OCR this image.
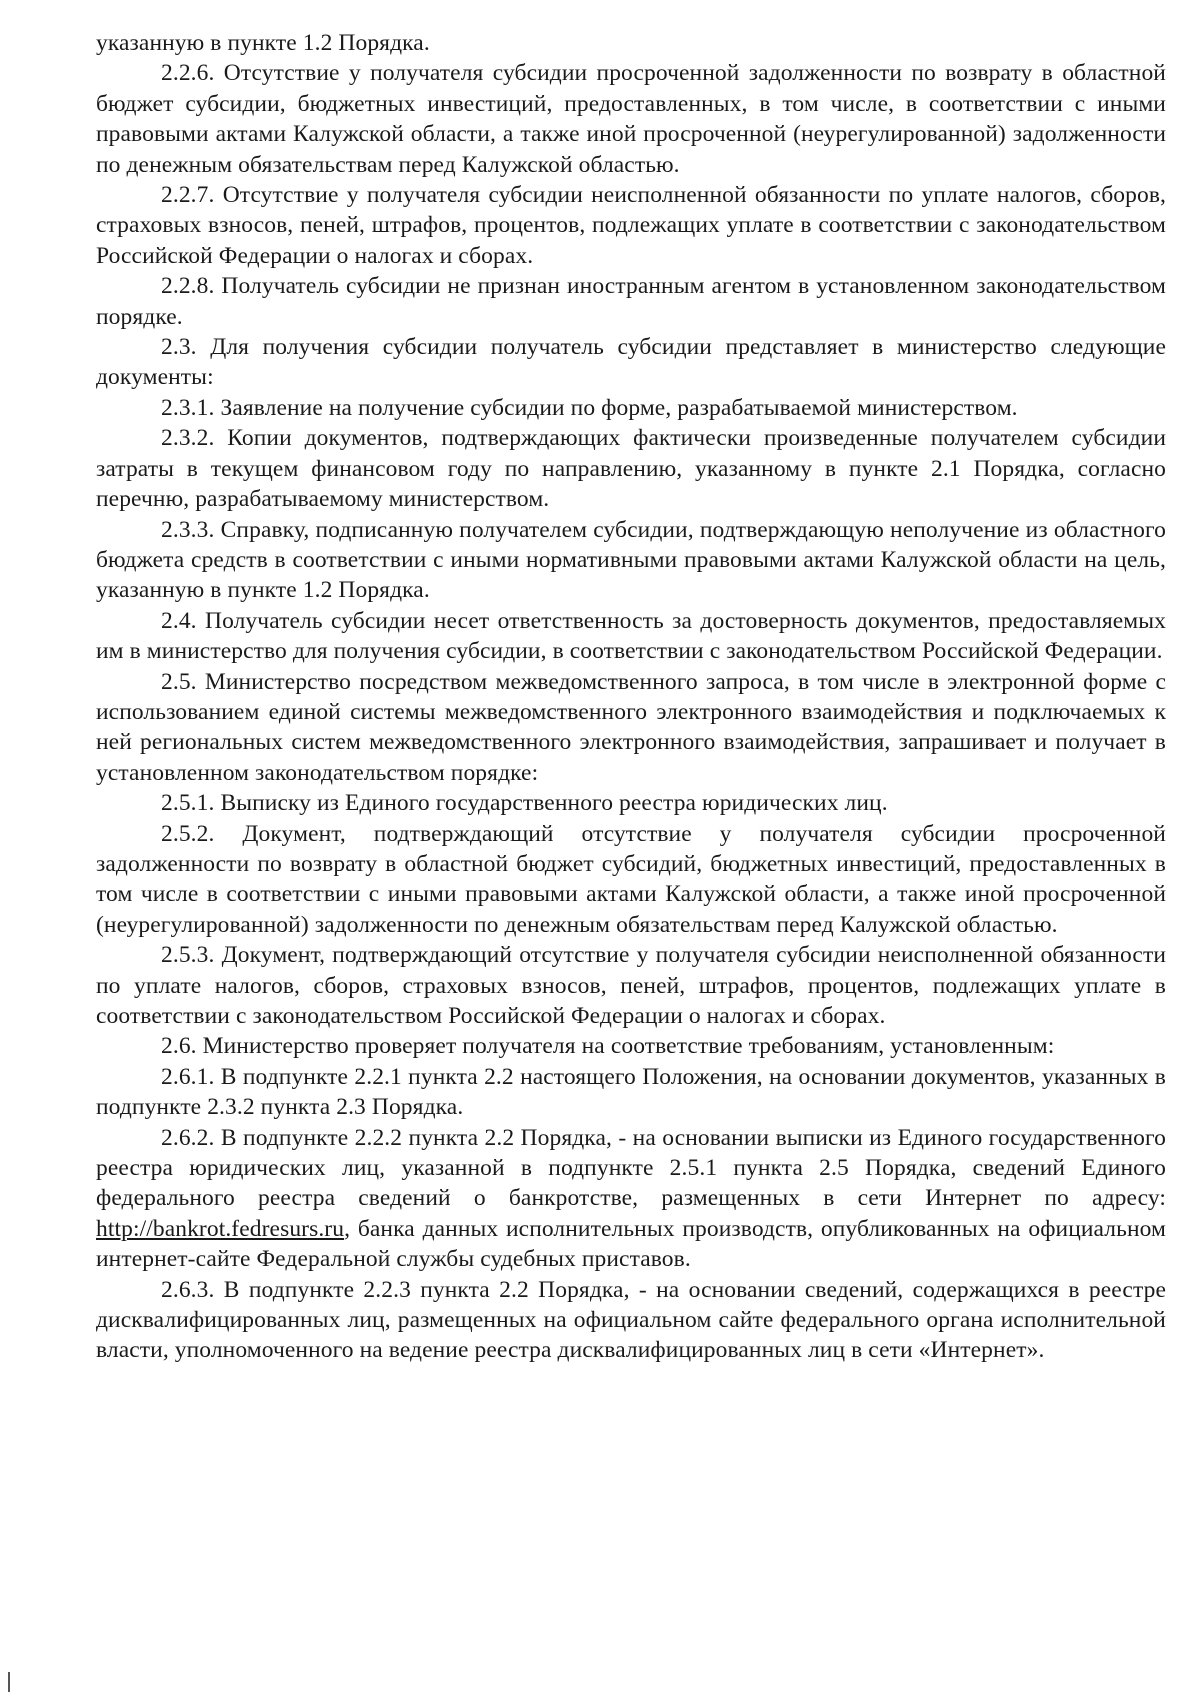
указанную в пункте 1.2 Порядка.

2.2.6. Отсутствие у получателя субсидии просроченной задолженности по возврату в областной бюджет субсидии, бюджетных инвестиций, предоставленных, в том числе, в соответствии с иными правовыми актами Калужской области, а также иной просроченной (неурегулированной) задолженности по денежным обязательствам перед Калужской областью.

2.2.7. Отсутствие у получателя субсидии неисполненной обязанности по уплате налогов, сборов, страховых взносов, пеней, штрафов, процентов, подлежащих уплате в соответствии с законодательством Российской Федерации о налогах и сборах.

2.2.8. Получатель субсидии не признан иностранным агентом в установленном законодательством порядке.

2.3. Для получения субсидии получатель субсидии представляет в министерство следующие документы:

2.3.1. Заявление на получение субсидии по форме, разрабатываемой министерством.

2.3.2. Копии документов, подтверждающих фактически произведенные получателем субсидии затраты в текущем финансовом году по направлению, указанному в пункте 2.1 Порядка, согласно перечню, разрабатываемому министерством.

2.3.3. Справку, подписанную получателем субсидии, подтверждающую неполучение из областного бюджета средств в соответствии с иными нормативными правовыми актами Калужской области на цель, указанную в пункте 1.2 Порядка.

2.4. Получатель субсидии несет ответственность за достоверность документов, предоставляемых им в министерство для получения субсидии, в соответствии с законодательством Российской Федерации.

2.5. Министерство посредством межведомственного запроса, в том числе в электронной форме с использованием единой системы межведомственного электронного взаимодействия и подключаемых к ней региональных систем межведомственного электронного взаимодействия, запрашивает и получает в установленном законодательством порядке:

2.5.1. Выписку из Единого государственного реестра юридических лиц.

2.5.2. Документ, подтверждающий отсутствие у получателя субсидии просроченной задолженности по возврату в областной бюджет субсидий, бюджетных инвестиций, предоставленных в том числе в соответствии с иными правовыми актами Калужской области, а также иной просроченной (неурегулированной) задолженности по денежным обязательствам перед Калужской областью.

2.5.3. Документ, подтверждающий отсутствие у получателя субсидии неисполненной обязанности по уплате налогов, сборов, страховых взносов, пеней, штрафов, процентов, подлежащих уплате в соответствии с законодательством Российской Федерации о налогах и сборах.

2.6. Министерство проверяет получателя на соответствие требованиям, установленным:

2.6.1. В подпункте 2.2.1 пункта 2.2 настоящего Положения, на основании документов, указанных в подпункте 2.3.2 пункта 2.3 Порядка.

2.6.2. В подпункте 2.2.2 пункта 2.2 Порядка, - на основании выписки из Единого государственного реестра юридических лиц, указанной в подпункте 2.5.1 пункта 2.5 Порядка, сведений Единого федерального реестра сведений о банкротстве, размещенных в сети Интернет по адресу: http://bankrot.fedresurs.ru, банка данных исполнительных производств, опубликованных на официальном интернет-сайте Федеральной службы судебных приставов.

2.6.3. В подпункте 2.2.3 пункта 2.2 Порядка, - на основании сведений, содержащихся в реестре дисквалифицированных лиц, размещенных на официальном сайте федерального органа исполнительной власти, уполномоченного на ведение реестра дисквалифицированных лиц в сети «Интернет».
